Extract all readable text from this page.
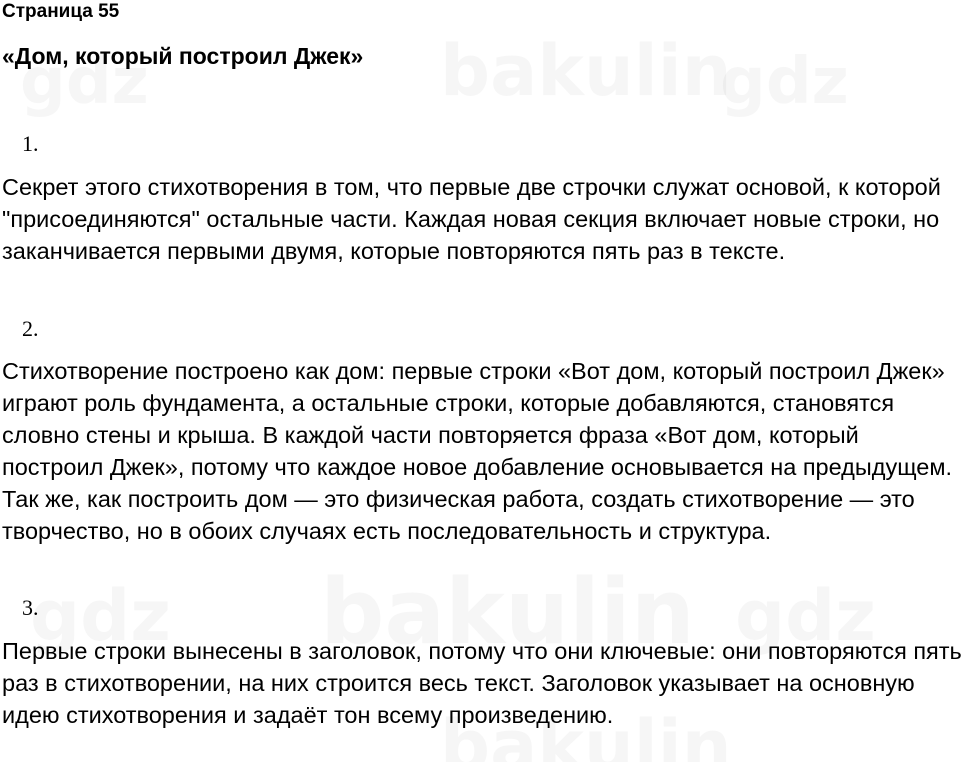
Страница 55

«Дом, который построил Джек»

1.

Секрет этого стихотворения в том, что первые две строчки служат основой, к которой "присоединяются" остальные части. Каждая новая секция включает новые строки, но заканчивается первыми двумя, которые повторяются пять раз в тексте.

2.

Стихотворение построено как дом: первые строки «Вот дом, который построил Джек» играют роль фундамента, а остальные строки, которые добавляются, становятся словно стены и крыша. В каждой части повторяется фраза «Вот дом, который построил Джек», потому что каждое новое добавление основывается на предыдущем. Так же, как построить дом — это физическая работа, создать стихотворение — это творчество, но в обоих случаях есть последовательность и структура.

3.

Первые строки вынесены в заголовок, потому что они ключевые: они повторяются пять раз в стихотворении, на них строится весь текст. Заголовок указывает на основную идею стихотворения и задаёт тон всему произведению.
